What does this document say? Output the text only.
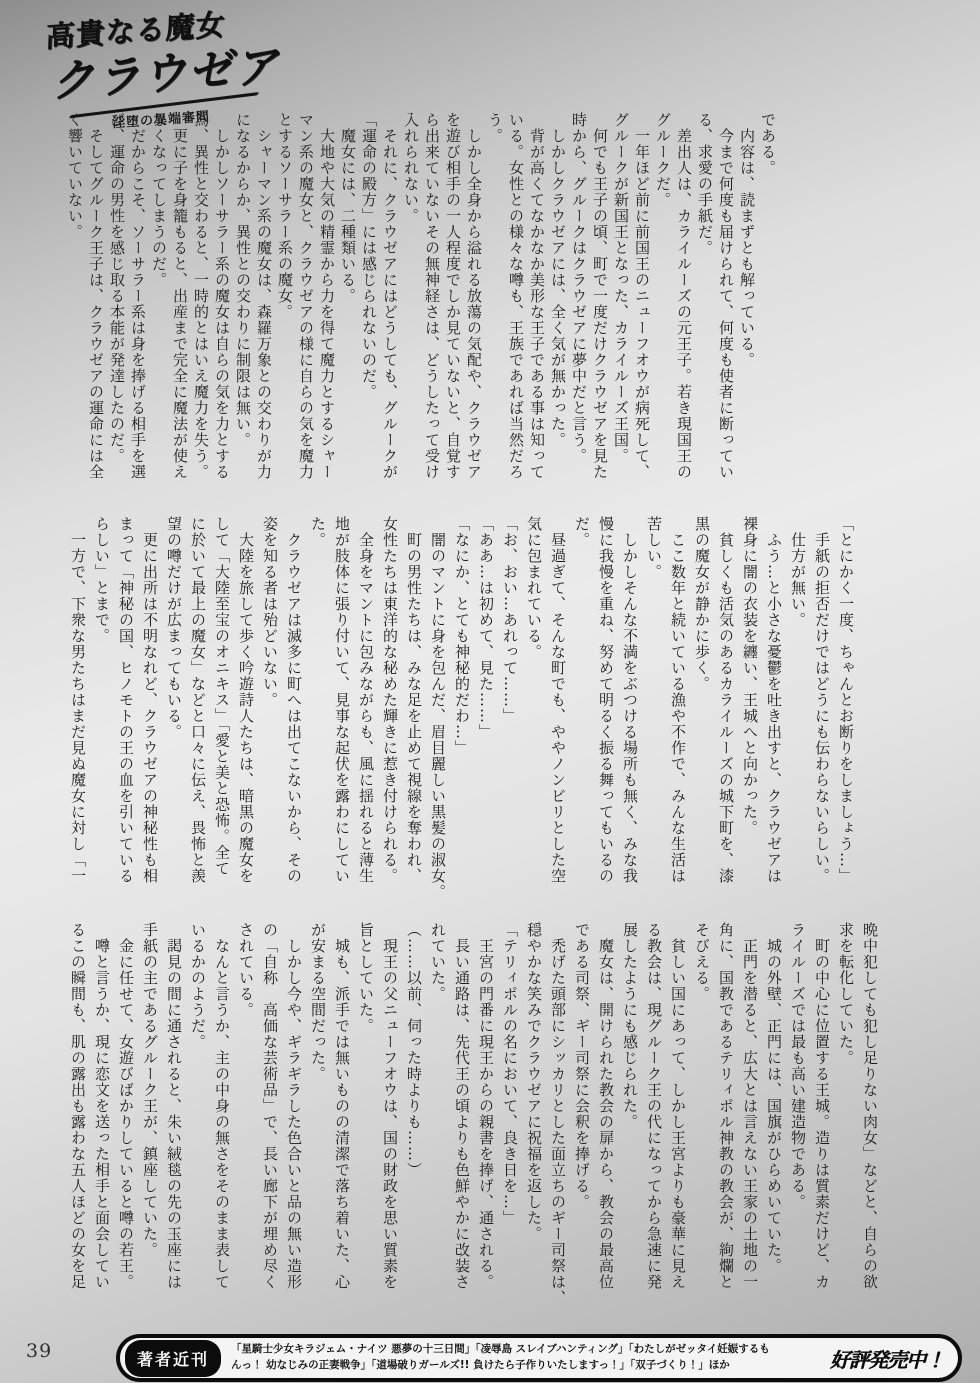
高貴なる魔女
クラウゼア
淫堕の異端審問	である。

　内容は、読まずとも解っている。

　今まで何度も届けられて、何度も使者に断ってい

る、求愛の手紙だ。

　差出人は、カライルーズの元王子。若き現国王の

グルークだ。

　一年ほど前に前国王のニューフオウが病死して、

グルークが新国王となった、カライルーズ王国。

　何でも王子の頃、町で一度だけクラウゼアを見た

時から、グルークはクラウゼアに夢中だと言う。

　しかしクラウゼアには、全く気が無かった。

　背が高くてなかなか美形な王子である事は知って

いる。女性との様々な噂も、王族であれば当然だろ

う。

　しかし全身から溢れる放蕩の気配や、クラウゼア

を遊び相手の一人程度でしか見ていないと、自覚す

ら出来ていないその無神経さは、どうしたって受け

入れられない。

　それに、クラウゼアにはどうしても、グルークが

「運命の殿方」には感じられないのだ。

　魔女には、二種類いる。

　大地や大気の精霊から力を得て魔力とするシャー

マン系の魔女と、クラウゼアの様に自らの気を魔力

とするソーサラー系の魔女。

　シャーマン系の魔女は、森羅万象との交わりが力

になるからか、異性との交わりに制限は無い。

　しかしソーサラー系の魔女は自らの気を力とする

為、異性と交わると、一時的とはいえ魔力を失う。

　更に子を身籠もると、出産まで完全に魔法が使え

なくなってしまうのだ。

　だからこそ、ソーサラー系は身を捧げる相手を選

び、運命の男性を感じ取る本能が発達したのだ。

　そしてグルーク王子は、クラウゼアの運命には全

く響いていない。

「とにかく一度、ちゃんとお断りをしましょう…」

　手紙の拒否だけではどうにも伝わらないらしい。

　仕方が無い。

　ふう…と小さな憂鬱を吐き出すと、クラウゼアは

裸身に闇の衣装を纏い、王城へと向かった。

　貧しくも活気のあるカライルーズの城下町を、漆

黒の魔女が静かに歩く。

　ここ数年と続いている漁や不作で、みんな生活は

苦しい。

　しかしそんな不満をぶつける場所も無く、みな我

慢に我慢を重ね、努めて明るく振る舞ってもいるの

だ。

　昼過ぎて、そんな町でも、ややノンビリとした空

気に包まれている。

「お、おい…あれって……」

「ああ…は初めて、見た……」

「なにか、とても神秘的だわ…」

　闇のマントに身を包んだ、眉目麗しい黒髪の淑女。

　町の男性たちは、みな足を止めて視線を奪われ、

女性たちは東洋的な秘めた輝きに惹き付けられる。

　全身をマントに包みながらも、風に揺れると薄生

地が肢体に張り付いて、見事な起伏を露わにしてい

た。

　クラウゼアは滅多に町へは出てこないから、その

姿を知る者は殆どいない。

　大陸を旅して歩く吟遊詩人たちは、暗黒の魔女を

して「大陸至宝のオニキス」「愛と美と恐怖。全て

に於いて最上の魔女」などと口々に伝え、畏怖と羨

望の噂だけが広まってもいる。

　更に出所は不明なれど、クラウゼアの神秘性も相

まって「神秘の国、ヒノモトの王の血を引いている

らしい」とまで。

　一方で、下衆な男たちはまだ見ぬ魔女に対し「一

晩中犯しても犯し足りない肉女」などと、自らの欲

求を転化していた。

　町の中心に位置する王城。造りは質素だけど、カ

ライルーズでは最も高い建造物である。

　城の外壁、正門には、国旗がひらめいていた。

　正門を潜ると、広大とは言えない王家の土地の一

角に、国教であるテリィポル神教の教会が、絢爛と

そびえる。

　貧しい国にあって、しかし王宮よりも豪華に見え

る教会は、現グルーク王の代になってから急速に発

展したようにも感じられた。

　魔女は、開けられた教会の扉から、教会の最高位

である司祭、ギー司祭に会釈を捧げる。

　禿げた頭部にシッカリとした面立ちのギー司祭は、

穏やかな笑みでクラウゼアに祝福を返した。

「テリィポルの名において、良き日を…」

　王宮の門番に現王からの親書を捧げ、通される。

　長い通路は、先代王の頃よりも色鮮やかに改装さ

れていた。

（……以前、伺った時よりも……）

　現王の父ニューフオウは、国の財政を思い質素を

旨としていた。

　城も、派手では無いものの清潔で落ち着いた、心

が安まる空間だった。

　しかし今や、ギラギラした色合いと品の無い造形

の「自称　高価な芸術品」で、長い廊下が埋め尽く

されている。

　なんと言うか、主の中身の無さをそのまま表して

いるかのようだ。

　謁見の間に通されると、朱い絨毯の先の玉座には

手紙の主であるグルーク王が、鎮座していた。

　金に任せて、女遊びばかりしていると噂の若王。

　噂と言うか、現に恋文を送った相手と面会してい

るこの瞬間も、肌の露出も露わな五人ほどの女を足

39	著者近刊
「星騎士少女キラジェム・ナイツ 悪夢の十三日間」「凌辱島 スレイブハンティング」「わたしがゼッタイ妊娠するも
んっ！ 幼なじみの正妻戦争」「道場破りガールズ!! 負けたら子作りいたしますっ！」「双子づくり！」ほか	好評発売中！
